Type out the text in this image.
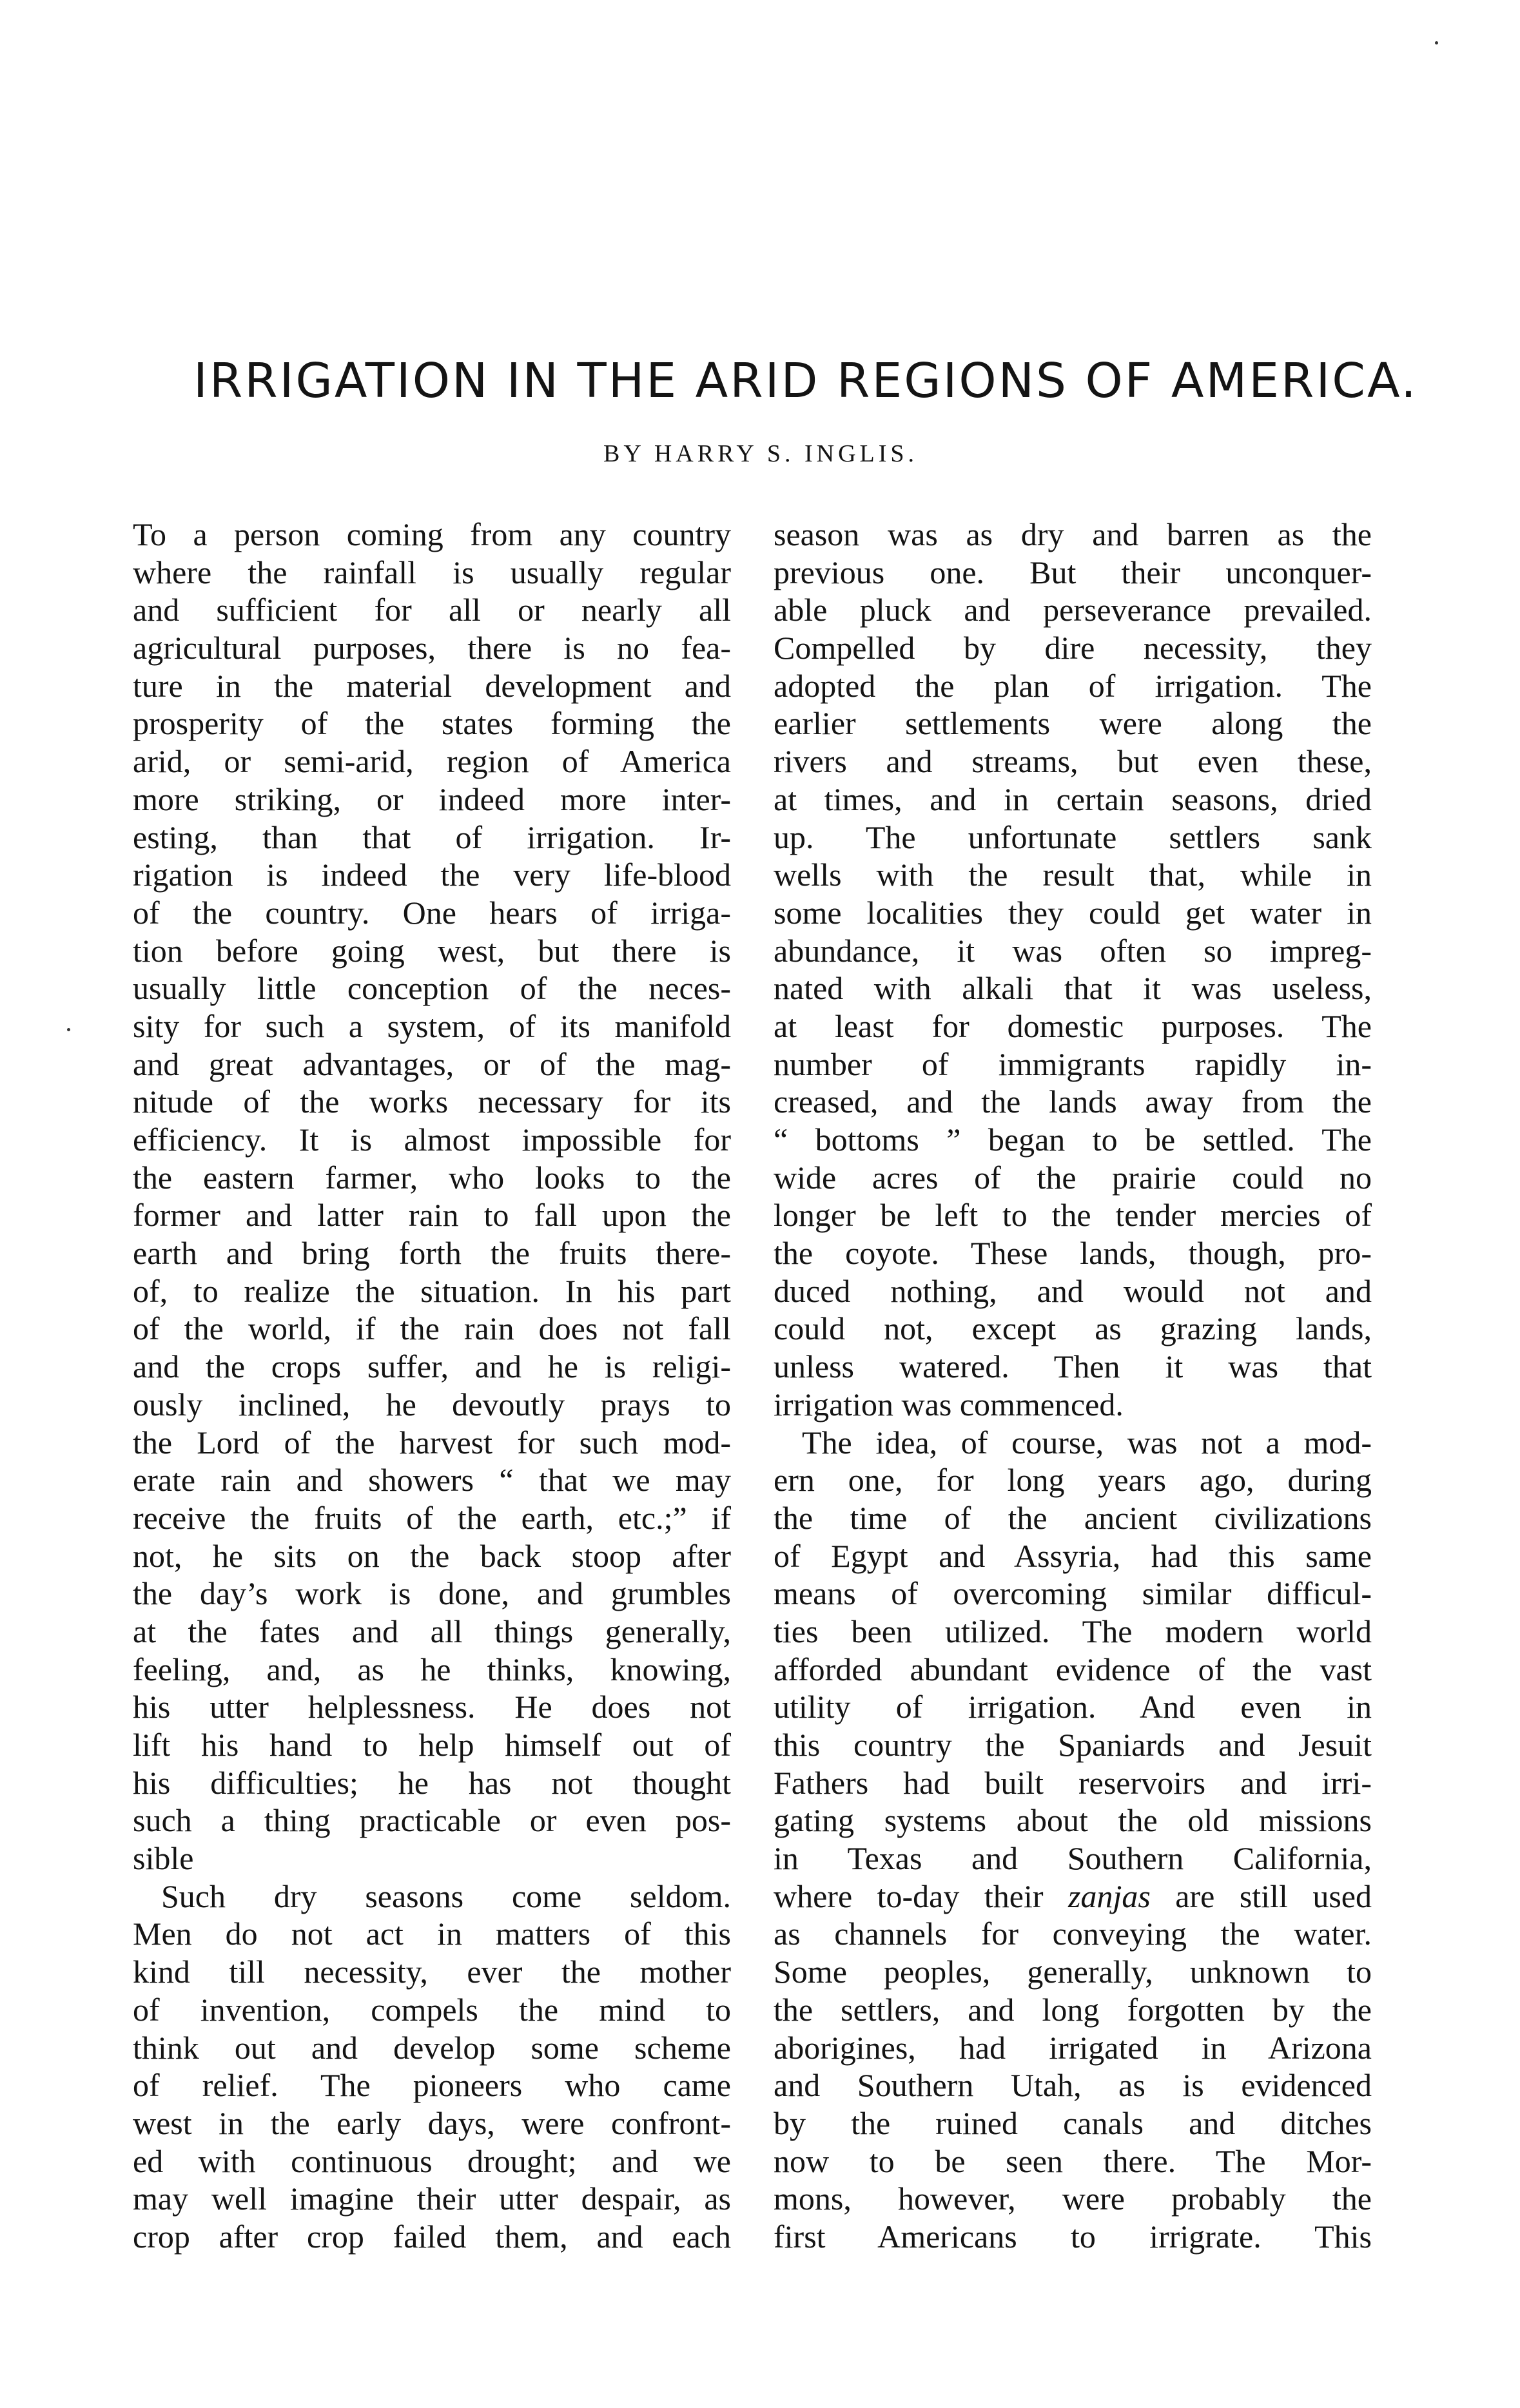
IRRIGATION IN THE ARID REGIONS OF AMERICA.

BY HARRY S. INGLIS.

To a person coming from any country
where the rainfall is usually regular
and sufficient for all or nearly all
agricultural purposes, there is no fea-
ture in the material development and
prosperity of the states forming the
arid, or semi-arid, region of America
more striking, or indeed more inter-
esting, than that of irrigation. Ir-
rigation is indeed the very life-blood
of the country. One hears of irriga-
tion before going west, but there is
usually little conception of the neces-
sity for such a system, of its manifold
and great advantages, or of the mag-
nitude of the works necessary for its
efficiency. It is almost impossible for
the eastern farmer, who looks to the
former and latter rain to fall upon the
earth and bring forth the fruits there-
of, to realize the situation. In his part
of the world, if the rain does not fall
and the crops suffer, and he is religi-
ously inclined, he devoutly prays to
the Lord of the harvest for such mod-
erate rain and showers “ that we may
receive the fruits of the earth, etc.;” if
not, he sits on the back stoop after
the day’s work is done, and grumbles
at the fates and all things generally,
feeling, and, as he thinks, knowing,
his utter helplessness. He does not
lift his hand to help himself out of
his difficulties; he has not thought
such a thing practicable or even pos-
sible
Such dry seasons come seldom.
Men do not act in matters of this
kind till necessity, ever the mother
of invention, compels the mind to
think out and develop some scheme
of relief. The pioneers who came
west in the early days, were confront-
ed with continuous drought; and we
may well imagine their utter despair, as
crop after crop failed them, and each
season was as dry and barren as the
previous one. But their unconquer-
able pluck and perseverance prevailed.
Compelled by dire necessity, they
adopted the plan of irrigation. The
earlier settlements were along the
rivers and streams, but even these,
at times, and in certain seasons, dried
up. The unfortunate settlers sank
wells with the result that, while in
some localities they could get water in
abundance, it was often so impreg-
nated with alkali that it was useless,
at least for domestic purposes. The
number of immigrants rapidly in-
creased, and the lands away from the
“ bottoms ” began to be settled. The
wide acres of the prairie could no
longer be left to the tender mercies of
the coyote. These lands, though, pro-
duced nothing, and would not and
could not, except as grazing lands,
unless watered. Then it was that
irrigation was commenced.
The idea, of course, was not a mod-
ern one, for long years ago, during
the time of the ancient civilizations
of Egypt and Assyria, had this same
means of overcoming similar difficul-
ties been utilized. The modern world
afforded abundant evidence of the vast
utility of irrigation. And even in
this country the Spaniards and Jesuit
Fathers had built reservoirs and irri-
gating systems about the old missions
in Texas and Southern California,
where to-day their zanjas are still used
as channels for conveying the water.
Some peoples, generally, unknown to
the settlers, and long forgotten by the
aborigines, had irrigated in Arizona
and Southern Utah, as is evidenced
by the ruined canals and ditches
now to be seen there. The Mor-
mons, however, were probably the
first Americans to irrigrate. This
